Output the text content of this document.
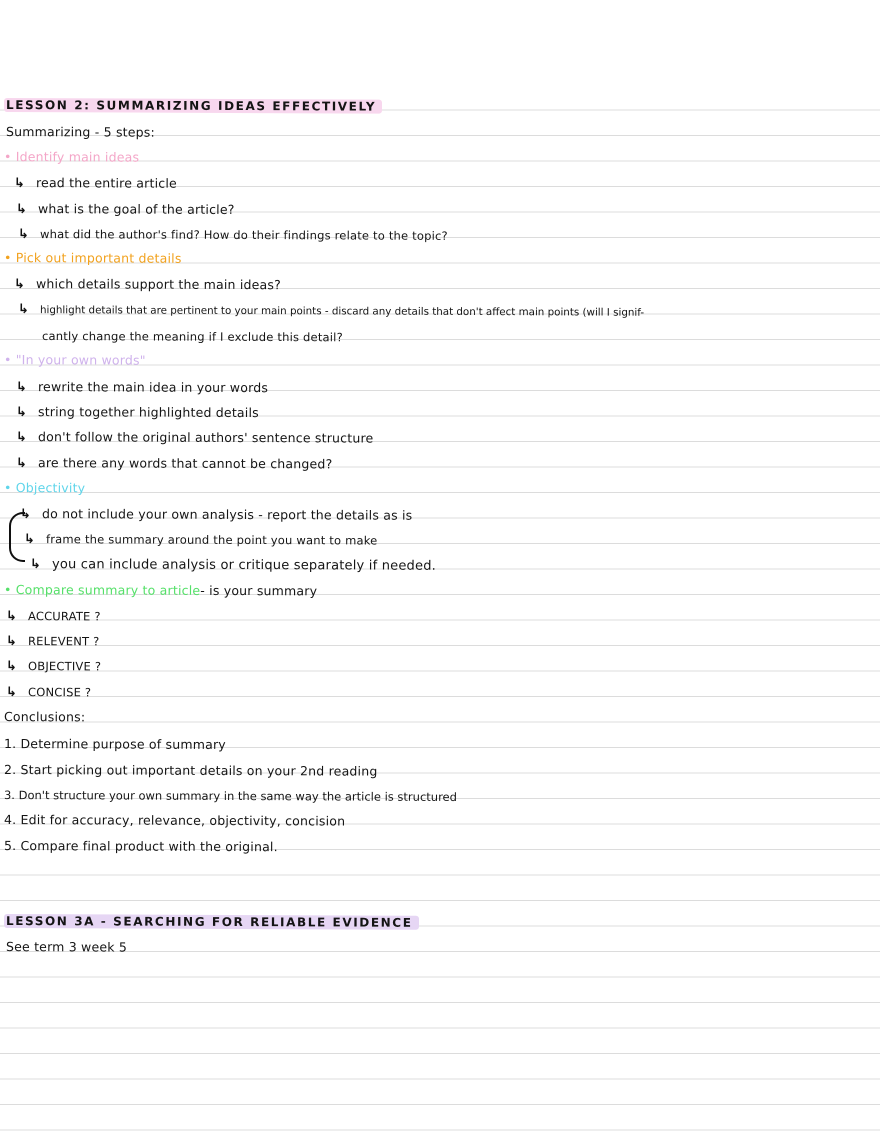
LESSON 2: SUMMARIZING IDEAS EFFECTIVELY
Summarizing - 5 steps:
• Identify main ideas
↳ read the entire article
↳ what is the goal of the article?
↳ what did the author's find? How do their findings relate to the topic?
• Pick out important details
↳ which details support the main ideas?
↳ highlight details that are pertinent to your main points - discard any details that don't affect main points (will I signif-
cantly change the meaning if I exclude this detail?
• "In your own words"
↳ rewrite the main idea in your words
↳ string together highlighted details
↳ don't follow the original authors' sentence structure
↳ are there any words that cannot be changed?
• Objectivity
↳ do not include your own analysis - report the details as is
↳ frame the summary around the point you want to make
↳ you can include analysis or critique separately if needed.
• Compare summary to article- is your summary
↳ ACCURATE ?
↳ RELEVENT ?
↳ OBJECTIVE ?
↳ CONCISE ?
Conclusions:
1. Determine purpose of summary
2. Start picking out important details on your 2nd reading
3. Don't structure your own summary in the same way the article is structured
4. Edit for accuracy, relevance, objectivity, concision
5. Compare final product with the original.
LESSON 3A - SEARCHING FOR RELIABLE EVIDENCE
See term 3 week 5
